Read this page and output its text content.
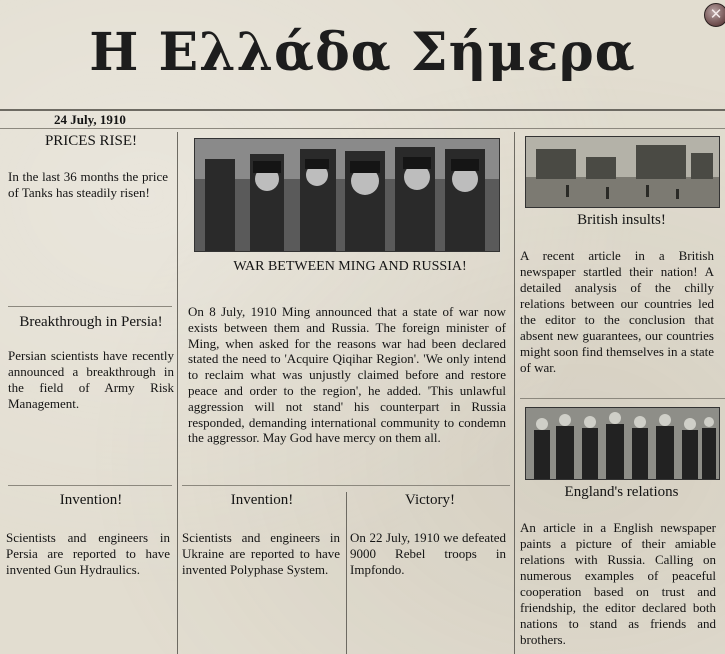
Η Ελλάδα Σήμερα
✕
24 July, 1910
PRICES RISE!
In the last 36 months the price of Tanks has steadily risen!
Breakthrough in Persia!
Persian scientists have recently announced a breakthrough in the field of Army Risk Management.
Invention!
Scientists and engineers in Persia are reported to have invented Gun Hydraulics.
WAR BETWEEN MING AND RUSSIA!
On 8 July, 1910 Ming announced that a state of war now exists between them and Russia. The foreign minister of Ming, when asked for the reasons war had been declared stated the need to 'Acquire Qiqihar Region'. 'We only intend to reclaim what was unjustly claimed before and restore peace and order to the region', he added. 'This unlawful aggression will not stand' his counterpart in Russia responded, demanding international community to condemn the aggressor. May God have mercy on them all.
Invention!
Scientists and engineers in Ukraine are reported to have invented Polyphase System.
Victory!
On 22 July, 1910 we defeated 9000 Rebel troops in Impfondo.
British insults!
A recent article in a British newspaper startled their nation! A detailed analysis of the chilly relations between our countries led the editor to the conclusion that absent new guarantees, our countries might soon find themselves in a state of war.
England's relations
An article in a English newspaper paints a picture of their amiable relations with Russia. Calling on numerous examples of peaceful cooperation based on trust and friendship, the editor declared both nations to stand as friends and brothers.
